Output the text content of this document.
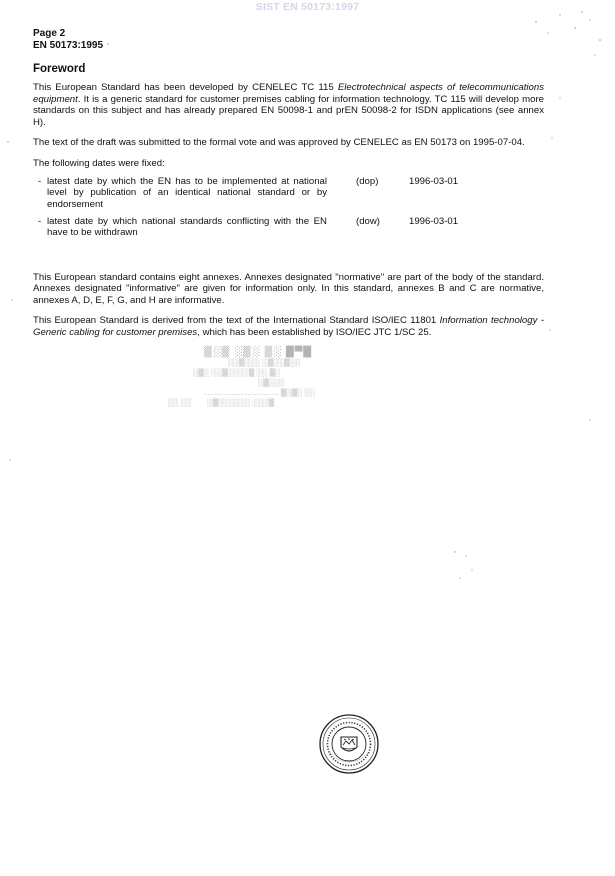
SIST EN 50173:1997
Page 2
EN 50173:1995
Foreword

This European Standard has been developed by CENELEC TC 115 Electrotechnical aspects of telecommunications equipment. It is a generic standard for customer premises cabling for information technology. TC 115 will develop more standards on this subject and has already prepared EN 50098-1 and prEN 50098-2 for ISDN applications (see annex H).

The text of the draft was submitted to the formal vote and was approved by CENELEC as EN 50173 on 1995-07-04.

The following dates were fixed:

- latest date by which the EN has to be implemented at national level by publication of an identical national standard or by endorsement
(dop)	1996-03-01
- latest date by which national standards conflicting with the EN have to be withdrawn
(dow)	1996-03-01

This European standard contains eight annexes. Annexes designated "normative" are part of the body of the standard. Annexes designated "informative" are given for information only. In this standard, annexes B and C are normative, annexes A, D, E, F, G, and H are informative.

This European Standard is derived from the text of the International Standard ISO/IEC 11801 Information technology - Generic cabling for customer premises, which has been established by ISO/IEC JTC 1/SC 25.

█▀█ ░▒ ░▒░ ▒░▒
░░▒░░░ ░▒░░▒░░
░▒░ ░░▒░░░░▒ ░░ ▒░
░▒░░░
.................................. ▒░▒░ ░░
░░ ░░       ░▒░░░░░░ ░░░▒
